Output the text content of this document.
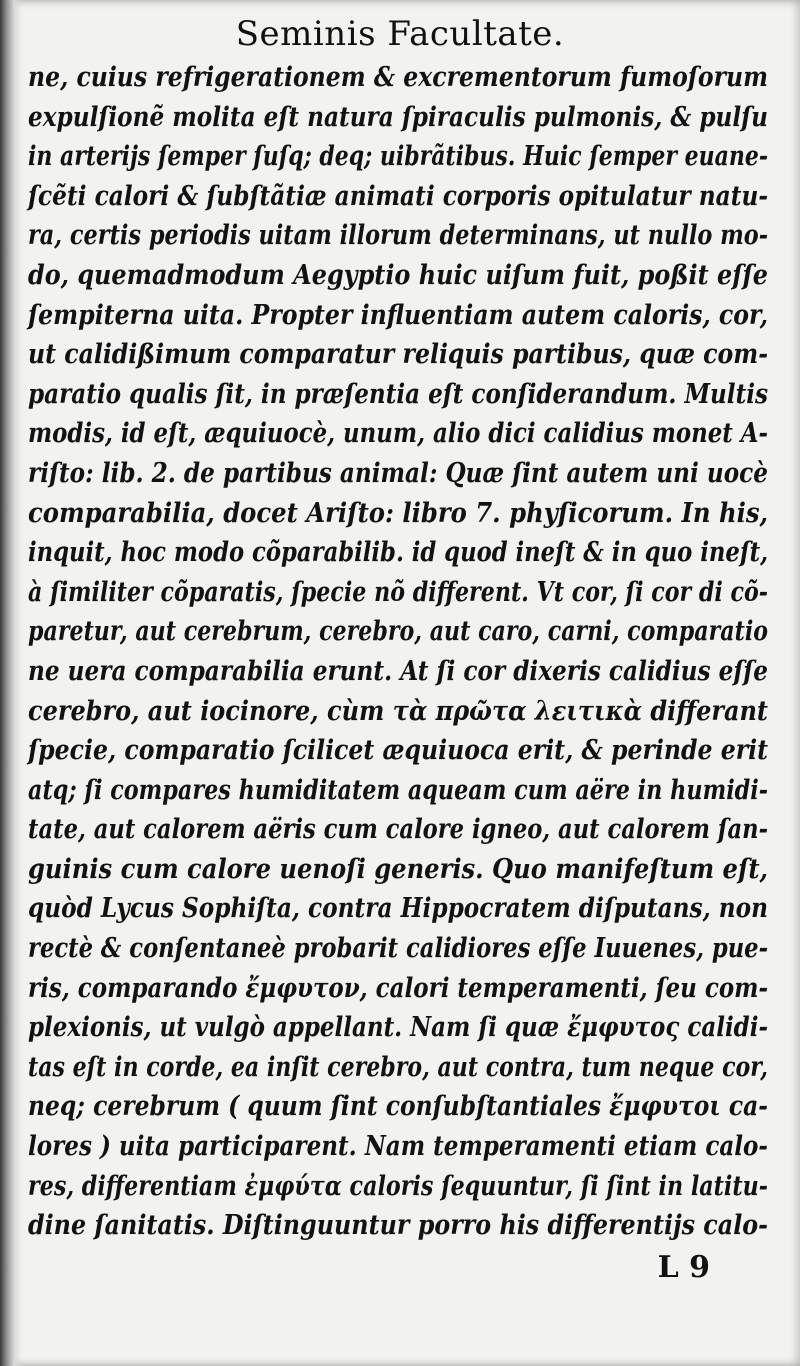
Seminis Facultate.
ne, cuius refrigerationem & excrementorum fumoſorum
expulſionẽ molita eſt natura ſpiraculis pulmonis, & pulſu
in arterijs ſemper ſuſq; deq; uibrãtibus. Huic ſemper euane-
ſcẽti calori & ſubſtãtiæ animati corporis opitulatur natu-
ra, certis periodis uitam illorum determinans, ut nullo mo-
do, quemadmodum Aegyptio huic uiſum fuit, poßit eſſe
ſempiterna uita. Propter influentiam autem caloris, cor,
ut calidißimum comparatur reliquis partibus, quæ com-
paratio qualis ſit, in præſentia eſt conſiderandum. Multis
modis, id eſt, æquiuocè, unum, alio dici calidius monet A-
riſto: lib. 2. de partibus animal: Quæ ſint autem uni uocè
comparabilia, docet Ariſto: libro 7. phyſicorum. In his,
inquit, hoc modo cõparabilib. id quod ineſt & in quo ineſt,
à ſimiliter cõparatis, ſpecie nõ different. Vt cor, ſi cor di cõ-
paretur, aut cerebrum, cerebro, aut caro, carni, comparatio
ne uera comparabilia erunt. At ſi cor dixeris calidius eſſe
cerebro, aut iocinore, cùm τὰ πρῶτα λειτικὰ differant
ſpecie, comparatio ſcilicet æquiuoca erit, & perinde erit
atq; ſi compares humiditatem aqueam cum aëre in humidi-
tate, aut calorem aëris cum calore igneo, aut calorem ſan-
guinis cum calore uenoſi generis. Quo manifeſtum eſt,
quòd Lycus Sophiſta, contra Hippocratem diſputans, non
rectè & conſentaneè probarit calidiores eſſe Iuuenes, pue-
ris, comparando ἔμφυτον, calori temperamenti, ſeu com-
plexionis, ut vulgò appellant. Nam ſi quæ ἔμφυτος calidi-
tas eſt in corde, ea inſit cerebro, aut contra, tum neque cor,
neq; cerebrum ( quum ſint conſubſtantiales ἔμφυτοι ca-
lores ) uita participarent. Nam temperamenti etiam calo-
res, differentiam ἐμφύτα caloris ſequuntur, ſi ſint in latitu-
dine ſanitatis. Diſtinguuntur porro his differentijs calo-
L 9
